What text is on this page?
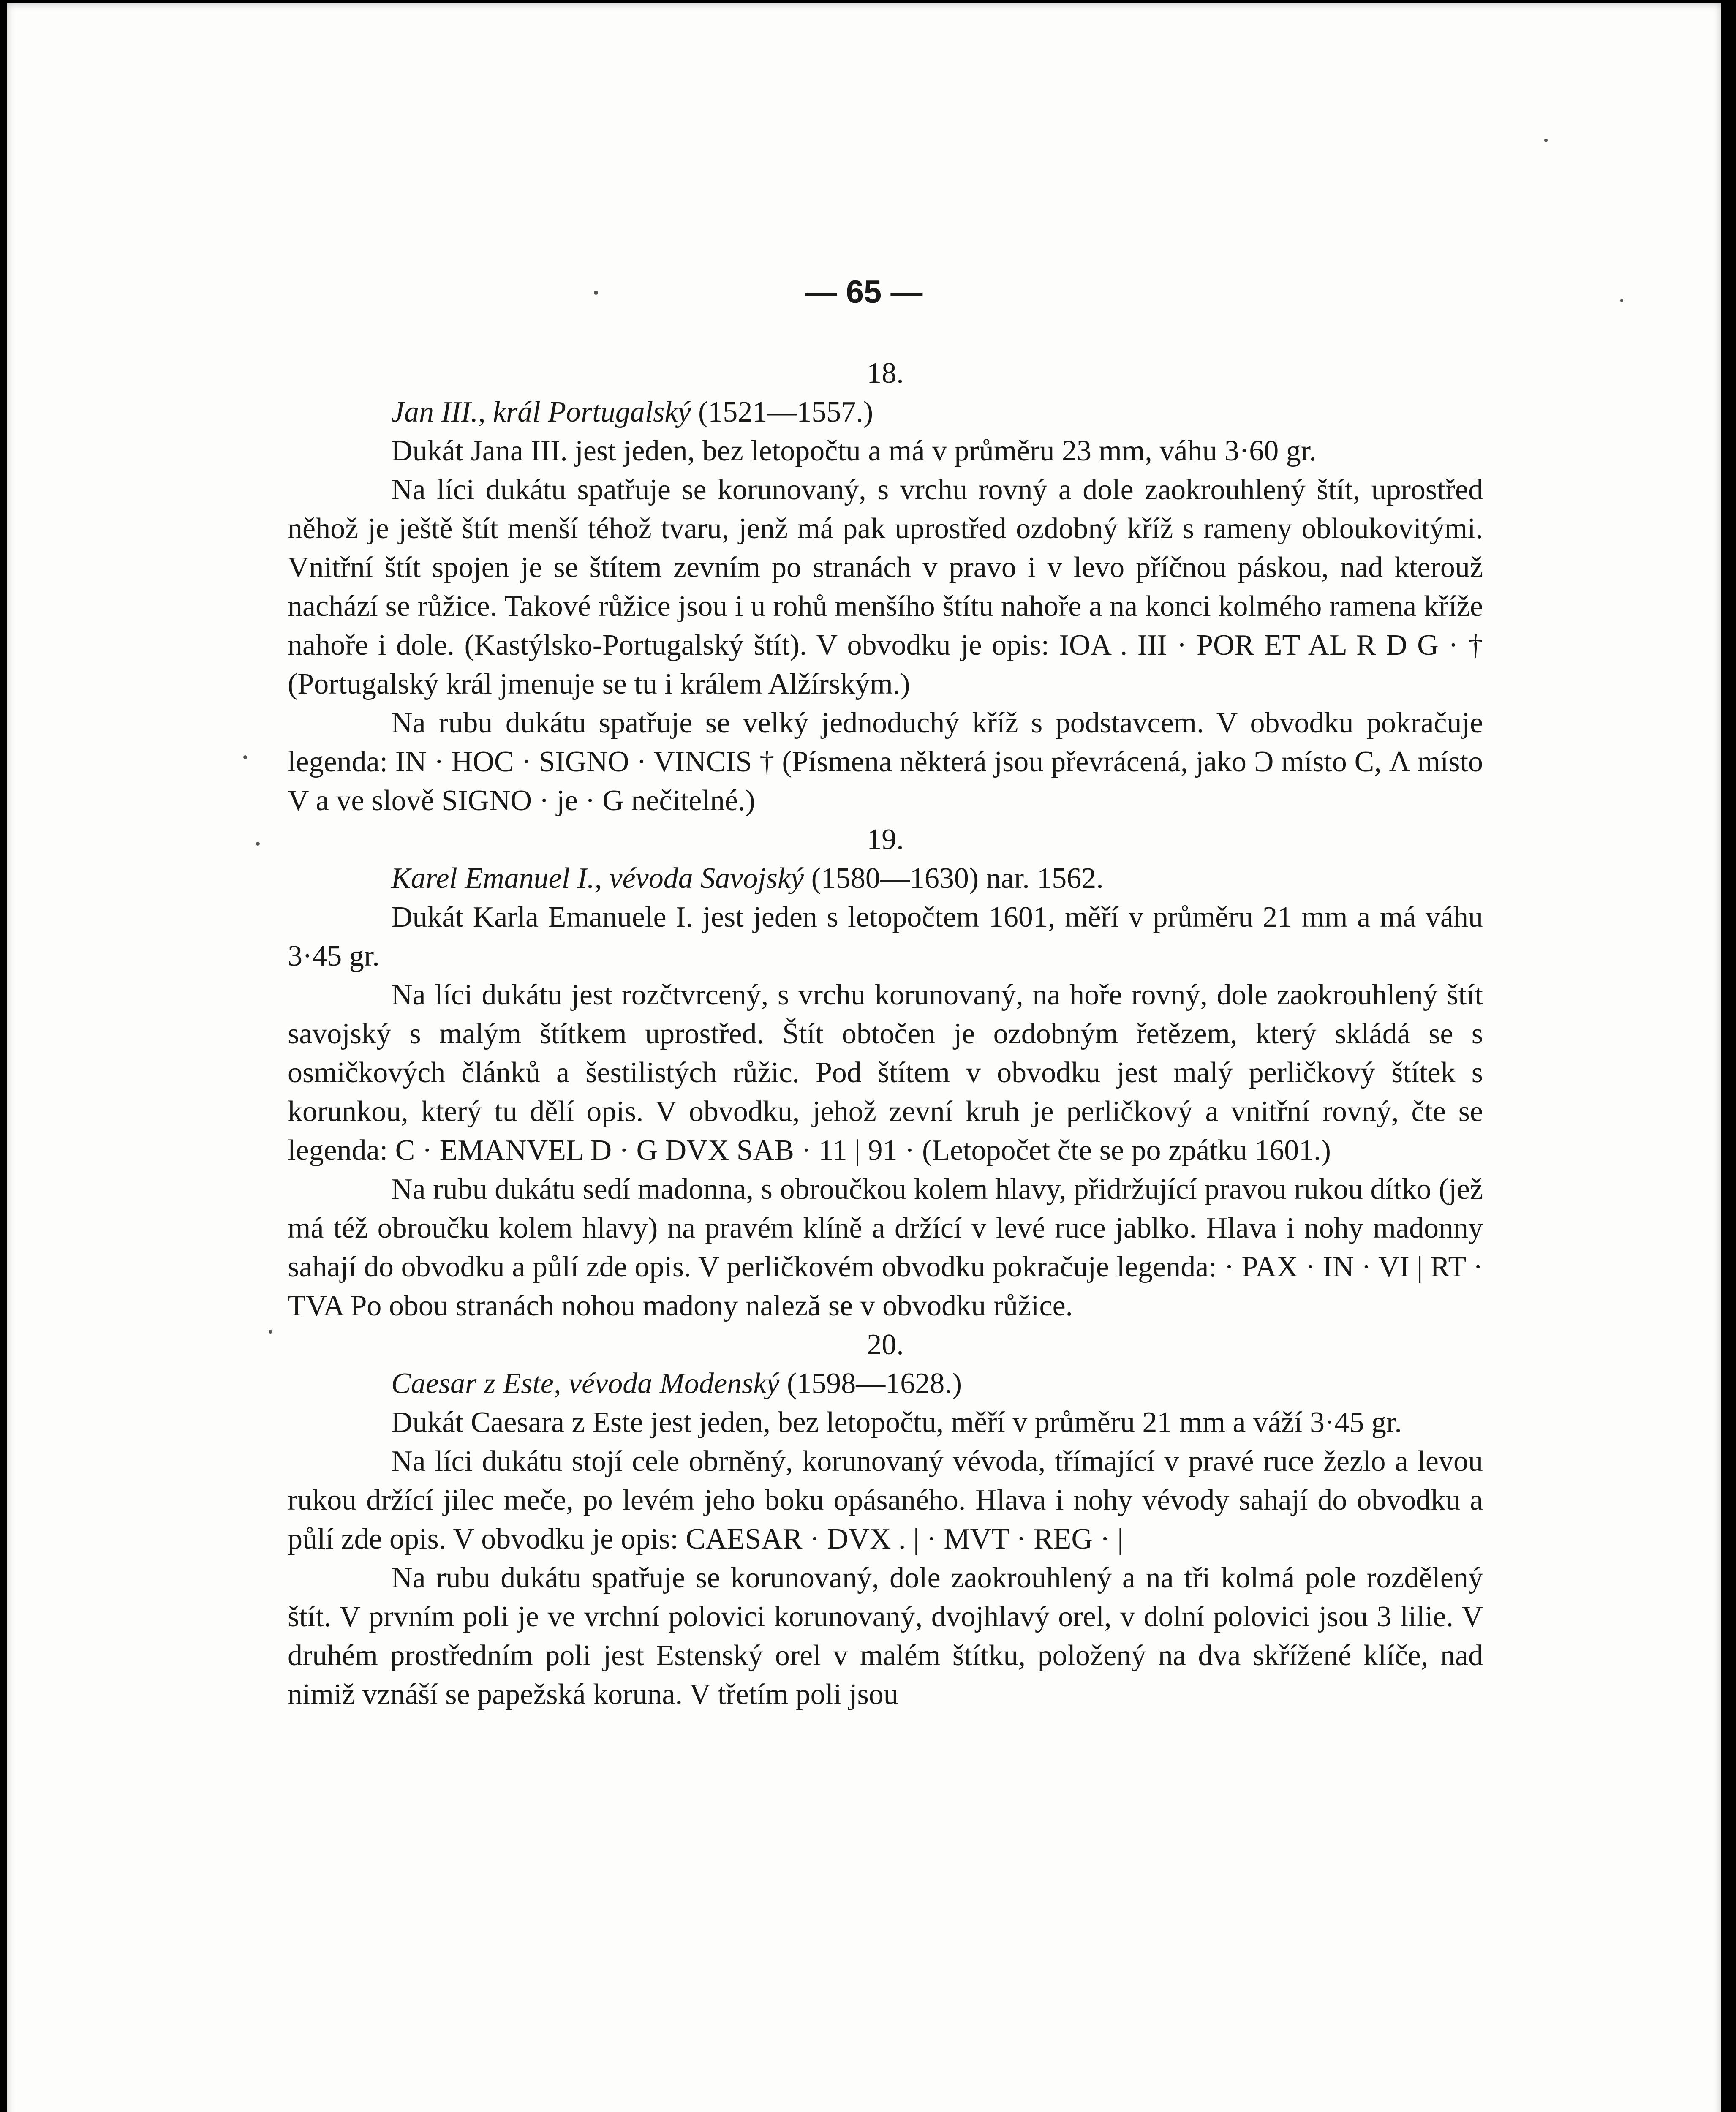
— 65 —

18.

Jan III., král Portugalský (1521—1557.)

Dukát Jana III. jest jeden, bez letopočtu a má v průměru 23 mm, váhu 3·60 gr.

Na líci dukátu spatřuje se korunovaný, s vrchu rovný a dole zaokrouhlený štít, uprostřed něhož je ještě štít menší téhož tvaru, jenž má pak uprostřed ozdobný kříž s rameny obloukovitými. Vnitřní štít spojen je se štítem zevním po stranách v pravo i v levo příčnou páskou, nad kterouž nachází se růžice. Takové růžice jsou i u rohů menšího štítu nahoře a na konci kolmého ramena kříže nahoře i dole. (Kastýlsko-Portugalský štít). V obvodku je opis: IOA . III · POR ET AL R D G · † (Portugalský král jmenuje se tu i králem Alžírským.)

Na rubu dukátu spatřuje se velký jednoduchý kříž s podstavcem. V obvodku pokračuje legenda: IN · HOC · SIGNO · VINCIS † (Písmena některá jsou převrácená, jako Ɔ místo C, Λ místo V a ve slově SIGNO · je · G nečitelné.)

19.

Karel Emanuel I., vévoda Savojský (1580—1630) nar. 1562.

Dukát Karla Emanuele I. jest jeden s letopočtem 1601, měří v průměru 21 mm a má váhu 3·45 gr.

Na líci dukátu jest rozčtvrcený, s vrchu korunovaný, na hoře rovný, dole zaokrouhlený štít savojský s malým štítkem uprostřed. Štít obtočen je ozdobným řetězem, který skládá se s osmičkových článků a šestilistých růžic. Pod štítem v obvodku jest malý perličkový štítek s korunkou, který tu dělí opis. V obvodku, jehož zevní kruh je perličkový a vnitřní rovný, čte se legenda: C · EMANVEL D · G DVX SAB · 11 | 91 · (Letopočet čte se po zpátku 1601.)

Na rubu dukátu sedí madonna, s obroučkou kolem hlavy, přidržující pravou rukou dítko (jež má též obroučku kolem hlavy) na pravém klíně a držící v levé ruce jablko. Hlava i nohy madonny sahají do obvodku a půlí zde opis. V perličkovém obvodku pokračuje legenda: · PAX · IN · VI | RT · TVA Po obou stranách nohou madony naleză se v obvodku růžice.

20.

Caesar z Este, vévoda Modenský (1598—1628.)

Dukát Caesara z Este jest jeden, bez letopočtu, měří v průměru 21 mm a váží 3·45 gr.

Na líci dukátu stojí cele obrněný, korunovaný vévoda, třímající v pravé ruce žezlo a levou rukou držící jilec meče, po levém jeho boku opásaného. Hlava i nohy vévody sahají do obvodku a půlí zde opis. V obvodku je opis: CAESAR · DVX . | · MVT · REG · |

Na rubu dukátu spatřuje se korunovaný, dole zaokrouhlený a na tři kolmá pole rozdělený štít. V prvním poli je ve vrchní polovici korunovaný, dvojhlavý orel, v dolní polovici jsou 3 lilie. V druhém prostředním poli jest Estenský orel v malém štítku, položený na dva skřížené klíče, nad nimiž vznáší se papežská koruna. V třetím poli jsou
